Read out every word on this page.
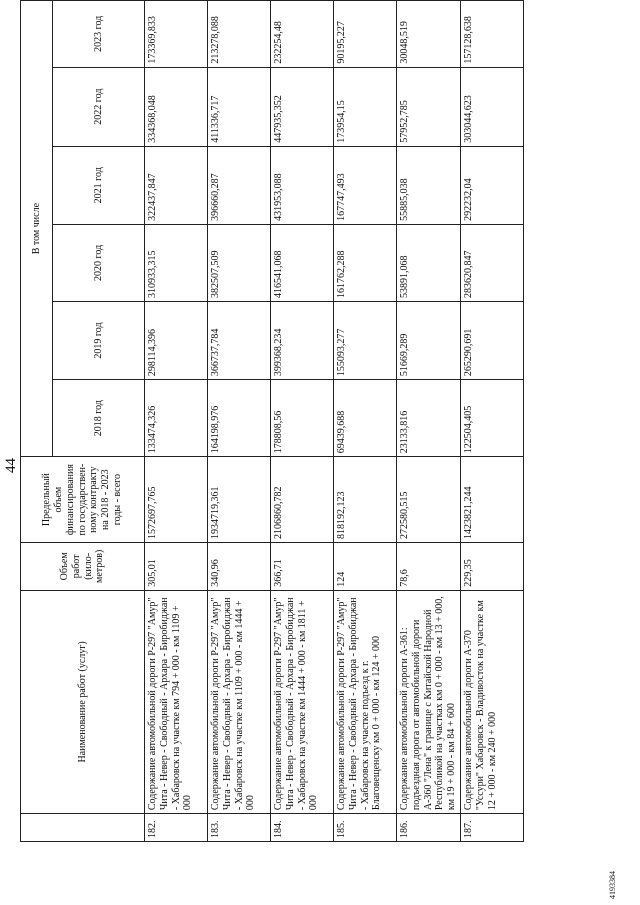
44
	Наименование работ (услуг)	Объем работ (кило-метров)	Предельный объем финансирования по государствен-ному контракту на 2018 - 2023 годы - всего	В том числе					
				2018 год	2019 год	2020 год	2021 год	2022 год	2023 год
182.	Содержание автомобильной дороги Р-297 "Амур" Чита - Невер - Свободный - Архара - Биробиджан - Хабаровск на участке км 794 + 000 - км 1109 + 000	305,01	1572697,765	133474,326	298114,396	310933,315	322437,847	334368,048	173369,833
183.	Содержание автомобильной дороги Р-297 "Амур" Чита - Невер - Свободный - Архара - Биробиджан - Хабаровск на участке км 1109 + 000 - км 1444 + 000	340,96	1934719,361	164198,976	366737,784	382507,509	396660,287	411336,717	213278,088
184.	Содержание автомобильной дороги Р-297 "Амур" Чита - Невер - Свободный - Архара - Биробиджан - Хабаровск на участке км 1444 + 000 - км 1811 + 000	366,71	2106860,782	178808,56	399368,234	416541,068	431953,088	447935,352	232254,48
185.	Содержание автомобильной дороги Р-297 "Амур" Чита - Невер - Свободный - Архара - Биробиджан - Хабаровск на участке подъезд к г. Благовещенску км 0 + 000 - км 124 + 000	124	818192,123	69439,688	155093,277	161762,288	167747,493	173954,15	90195,227
186.	Содержание автомобильной дороги А-361: подъездная дорога от автомобильной дороги А-360 "Лена" к границе с Китайской Народной Республикой на участках км 0 + 000 - км 13 + 000, км 19 + 000 - км 84 + 600	78,6	272580,515	23133,816	51669,289	53891,068	55885,038	57952,785	30048,519
187.	Содержание автомобильной дороги А-370 "Уссури" Хабаровск - Владивосток на участке км 12 + 000 - км 240 + 000	229,35	1423821,244	122504,405	265290,691	283620,847	292232,04	303044,623	157128,638
4193384
